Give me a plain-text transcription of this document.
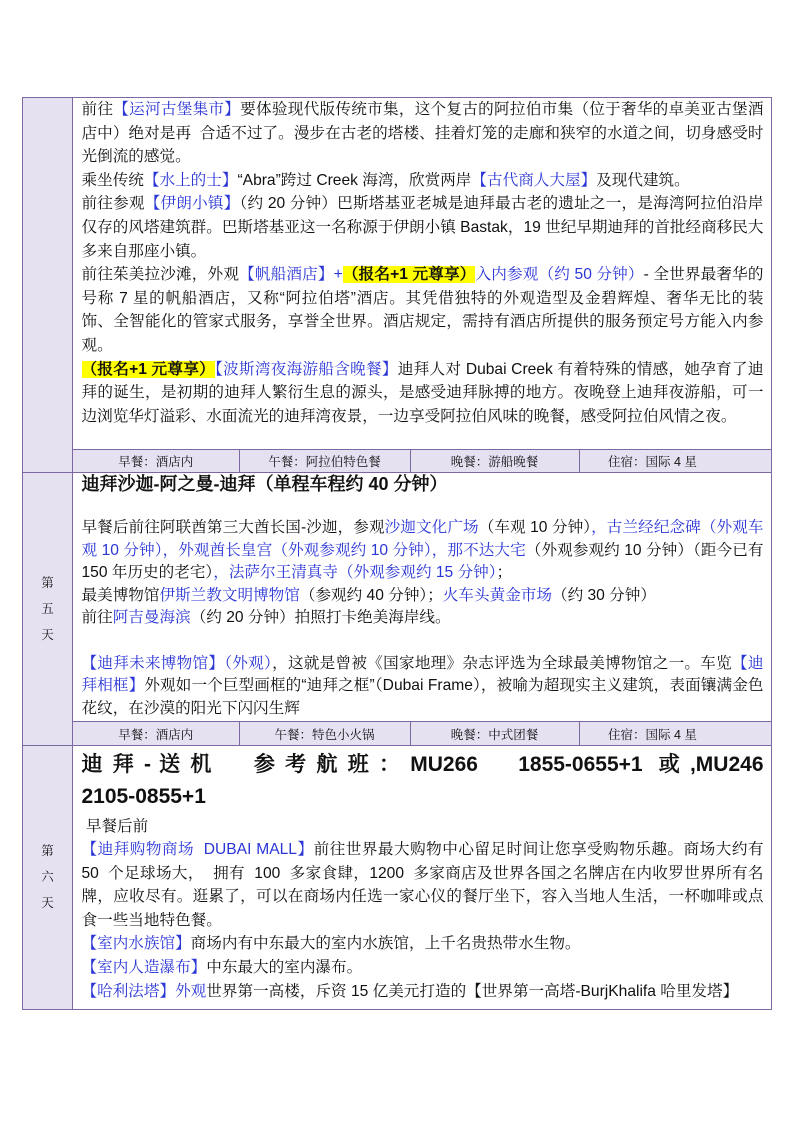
前往【运河古堡集市】要体验现代版传统市集，这个复古的阿拉伯市集（位于奢华的卓美亚古堡酒店中）绝对是再  合适不过了。漫步在古老的塔楼、挂着灯笼的走廊和狭窄的水道之间，切身感受时光倒流的感觉。
乘坐传统【水上的士】“Abra”跨过 Creek 海湾，欣赏两岸【古代商人大屋】及现代建筑。
前往参观【伊朗小镇】（约 20 分钟）巴斯塔基亚老城是迪拜最古老的遗址之一，是海湾阿拉伯沿岸仅存的风塔建筑群。巴斯塔基亚这一名称源于伊朗小镇 Bastak，19 世纪早期迪拜的首批经商移民大多来自那座小镇。
前往茱美拉沙滩，外观【帆船酒店】+（报名+1 元尊享）入内参观（约 50 分钟）- 全世界最奢华的号称 7 星的帆船酒店，又称“阿拉伯塔”酒店。其凭借独特的外观造型及金碧辉煌、奢华无比的装饰、全智能化的管家式服务，享誉全世界。酒店规定，需持有酒店所提供的服务预定号方能入内参观。
（报名+1 元尊享）【波斯湾夜海游船含晚餐】迪拜人对 Dubai Creek 有着特殊的情感，她孕育了迪拜的诞生，是初期的迪拜人繁衍生息的源头，是感受迪拜脉搏的地方。夜晚登上迪拜夜游船，可一边浏览华灯溢彩、水面流光的迪拜湾夜景，一边享受阿拉伯风味的晚餐，感受阿拉伯风情之夜。
早餐：酒店内	午餐：阿拉伯特色餐	晚餐：游船晚餐	住宿：国际 4 星
第
五
天
迪拜沙迦-阿之曼-迪拜（单程车程约 40 分钟）
早餐后前往阿联酋第三大酋长国-沙迦，参观沙迦文化广场（车观 10 分钟），古兰经纪念碑（外观车观 10 分钟），外观酋长皇宫（外观参观约 10 分钟），那不达大宅（外观参观约 10 分钟）（距今已有 150 年历史的老宅），法萨尔王清真寺（外观参观约 15 分钟）；
最美博物馆伊斯兰教文明博物馆（参观约 40 分钟）；火车头黄金市场（约 30 分钟）
前往阿吉曼海滨（约 20 分钟）拍照打卡绝美海岸线。
【迪拜未来博物馆】（外观），这就是曾被《国家地理》杂志评选为全球最美博物馆之一。车览【迪拜相框】外观如一个巨型画框的“迪拜之框”（Dubai Frame），被喻为超现实主义建筑，表面镶满金色花纹，在沙漠的阳光下闪闪生辉
早餐：酒店内	午餐：特色小火锅	晚餐：中式团餐	住宿：国际 4 星
第
六
天
迪 拜 - 送 机     参 考 航 班 ： MU266     1855-0655+1  或 ,MU246
2105-0855+1
早餐后前
【迪拜购物商场  DUBAI MALL】前往世界最大购物中心留足时间让您享受购物乐趣。商场大约有 50  个足球场大，  拥有  100  多家食肆，1200  多家商店及世界各国之名牌店在内收罗世界所有名牌，应收尽有。逛累了，可以在商场内任选一家心仪的餐厅坐下，容入当地人生活，一杯咖啡或点食一些当地特色餐。
【室内水族馆】商场内有中东最大的室内水族馆，上千名贵热带水生物。
【室内人造瀑布】中东最大的室内瀑布。
【哈利法塔】外观世界第一高楼，斥资 15 亿美元打造的【世界第一高塔-BurjKhalifa 哈里发塔】
